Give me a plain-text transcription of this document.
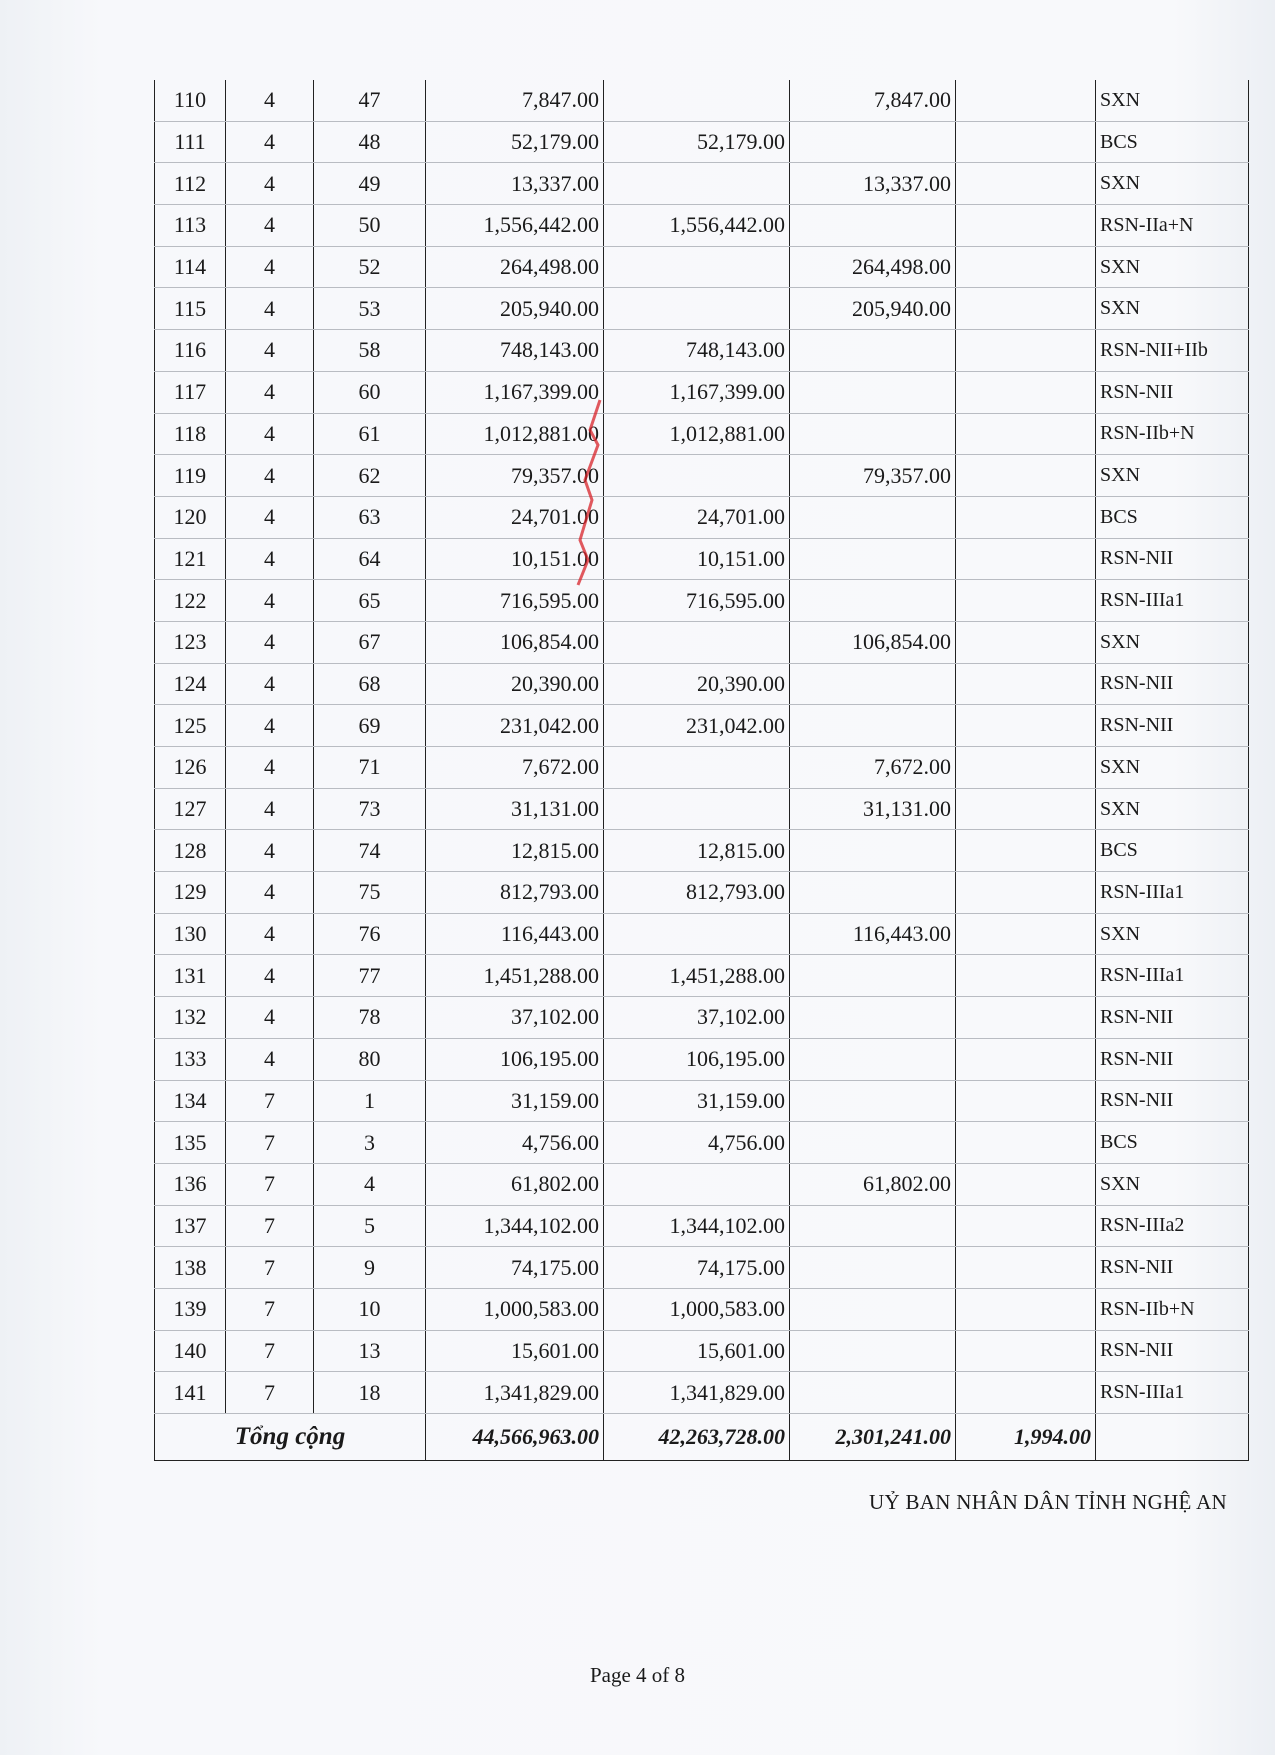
110	4	47	7,847.00		7,847.00		SXN
111	4	48	52,179.00	52,179.00			BCS
112	4	49	13,337.00		13,337.00		SXN
113	4	50	1,556,442.00	1,556,442.00			RSN-IIa+N
114	4	52	264,498.00		264,498.00		SXN
115	4	53	205,940.00		205,940.00		SXN
116	4	58	748,143.00	748,143.00			RSN-NII+IIb
117	4	60	1,167,399.00	1,167,399.00			RSN-NII
118	4	61	1,012,881.00	1,012,881.00			RSN-IIb+N
119	4	62	79,357.00		79,357.00		SXN
120	4	63	24,701.00	24,701.00			BCS
121	4	64	10,151.00	10,151.00			RSN-NII
122	4	65	716,595.00	716,595.00			RSN-IIIa1
123	4	67	106,854.00		106,854.00		SXN
124	4	68	20,390.00	20,390.00			RSN-NII
125	4	69	231,042.00	231,042.00			RSN-NII
126	4	71	7,672.00		7,672.00		SXN
127	4	73	31,131.00		31,131.00		SXN
128	4	74	12,815.00	12,815.00			BCS
129	4	75	812,793.00	812,793.00			RSN-IIIa1
130	4	76	116,443.00		116,443.00		SXN
131	4	77	1,451,288.00	1,451,288.00			RSN-IIIa1
132	4	78	37,102.00	37,102.00			RSN-NII
133	4	80	106,195.00	106,195.00			RSN-NII
134	7	1	31,159.00	31,159.00			RSN-NII
135	7	3	4,756.00	4,756.00			BCS
136	7	4	61,802.00		61,802.00		SXN
137	7	5	1,344,102.00	1,344,102.00			RSN-IIIa2
138	7	9	74,175.00	74,175.00			RSN-NII
139	7	10	1,000,583.00	1,000,583.00			RSN-IIb+N
140	7	13	15,601.00	15,601.00			RSN-NII
141	7	18	1,341,829.00	1,341,829.00			RSN-IIIa1
Tổng cộng			44,566,963.00	42,263,728.00	2,301,241.00	1,994.00	
UỶ BAN NHÂN DÂN TỈNH NGHỆ AN
Page 4 of 8
